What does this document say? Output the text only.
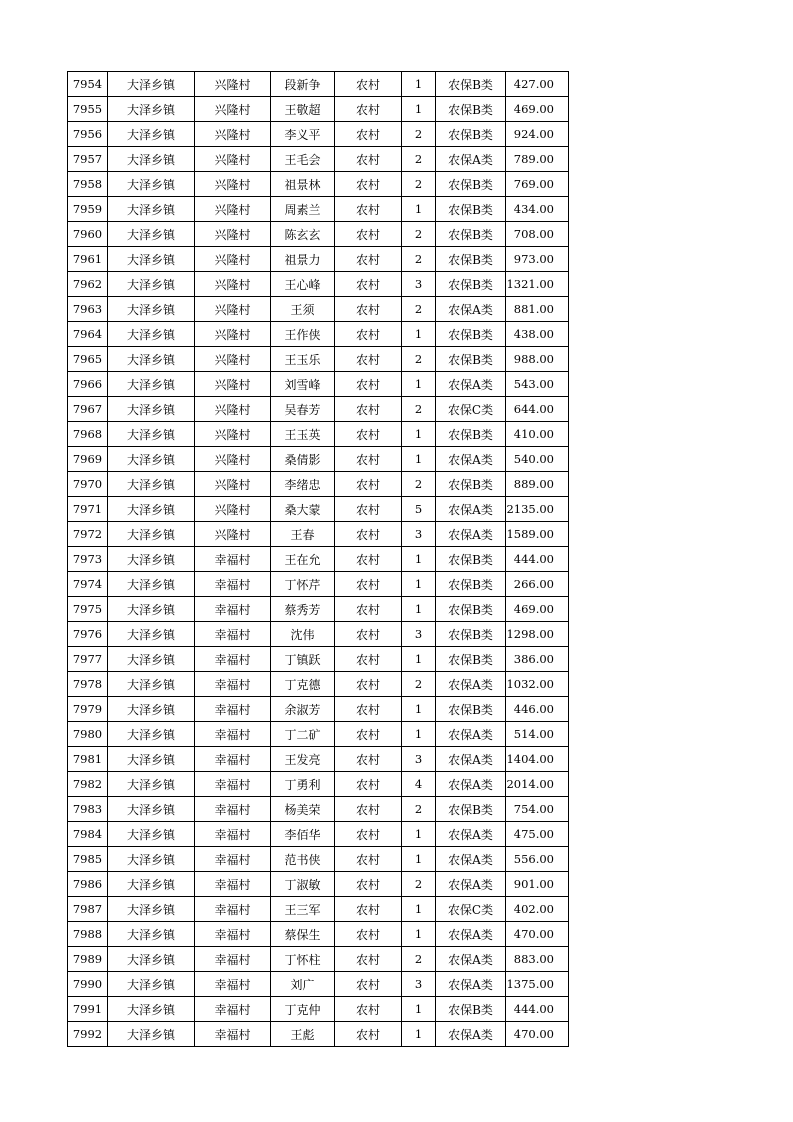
7954	大泽乡镇	兴隆村	段新争	农村	1	农保B类	427.00
7955	大泽乡镇	兴隆村	王敬超	农村	1	农保B类	469.00
7956	大泽乡镇	兴隆村	李义平	农村	2	农保B类	924.00
7957	大泽乡镇	兴隆村	王毛会	农村	2	农保A类	789.00
7958	大泽乡镇	兴隆村	祖景林	农村	2	农保B类	769.00
7959	大泽乡镇	兴隆村	周素兰	农村	1	农保B类	434.00
7960	大泽乡镇	兴隆村	陈玄玄	农村	2	农保B类	708.00
7961	大泽乡镇	兴隆村	祖景力	农村	2	农保B类	973.00
7962	大泽乡镇	兴隆村	王心峰	农村	3	农保B类	1321.00
7963	大泽乡镇	兴隆村	王须	农村	2	农保A类	881.00
7964	大泽乡镇	兴隆村	王作侠	农村	1	农保B类	438.00
7965	大泽乡镇	兴隆村	王玉乐	农村	2	农保B类	988.00
7966	大泽乡镇	兴隆村	刘雪峰	农村	1	农保A类	543.00
7967	大泽乡镇	兴隆村	吴春芳	农村	2	农保C类	644.00
7968	大泽乡镇	兴隆村	王玉英	农村	1	农保B类	410.00
7969	大泽乡镇	兴隆村	桑倩影	农村	1	农保A类	540.00
7970	大泽乡镇	兴隆村	李绪忠	农村	2	农保B类	889.00
7971	大泽乡镇	兴隆村	桑大蒙	农村	5	农保A类	2135.00
7972	大泽乡镇	兴隆村	王春	农村	3	农保A类	1589.00
7973	大泽乡镇	幸福村	王在允	农村	1	农保B类	444.00
7974	大泽乡镇	幸福村	丁怀芹	农村	1	农保B类	266.00
7975	大泽乡镇	幸福村	蔡秀芳	农村	1	农保B类	469.00
7976	大泽乡镇	幸福村	沈伟	农村	3	农保B类	1298.00
7977	大泽乡镇	幸福村	丁镇跃	农村	1	农保B类	386.00
7978	大泽乡镇	幸福村	丁克德	农村	2	农保A类	1032.00
7979	大泽乡镇	幸福村	余淑芳	农村	1	农保B类	446.00
7980	大泽乡镇	幸福村	丁二矿	农村	1	农保A类	514.00
7981	大泽乡镇	幸福村	王发亮	农村	3	农保A类	1404.00
7982	大泽乡镇	幸福村	丁勇利	农村	4	农保A类	2014.00
7983	大泽乡镇	幸福村	杨美荣	农村	2	农保B类	754.00
7984	大泽乡镇	幸福村	李佰华	农村	1	农保A类	475.00
7985	大泽乡镇	幸福村	范书侠	农村	1	农保A类	556.00
7986	大泽乡镇	幸福村	丁淑敏	农村	2	农保A类	901.00
7987	大泽乡镇	幸福村	王三军	农村	1	农保C类	402.00
7988	大泽乡镇	幸福村	蔡保生	农村	1	农保A类	470.00
7989	大泽乡镇	幸福村	丁怀柱	农村	2	农保A类	883.00
7990	大泽乡镇	幸福村	刘广	农村	3	农保A类	1375.00
7991	大泽乡镇	幸福村	丁克仲	农村	1	农保B类	444.00
7992	大泽乡镇	幸福村	王彪	农村	1	农保A类	470.00
